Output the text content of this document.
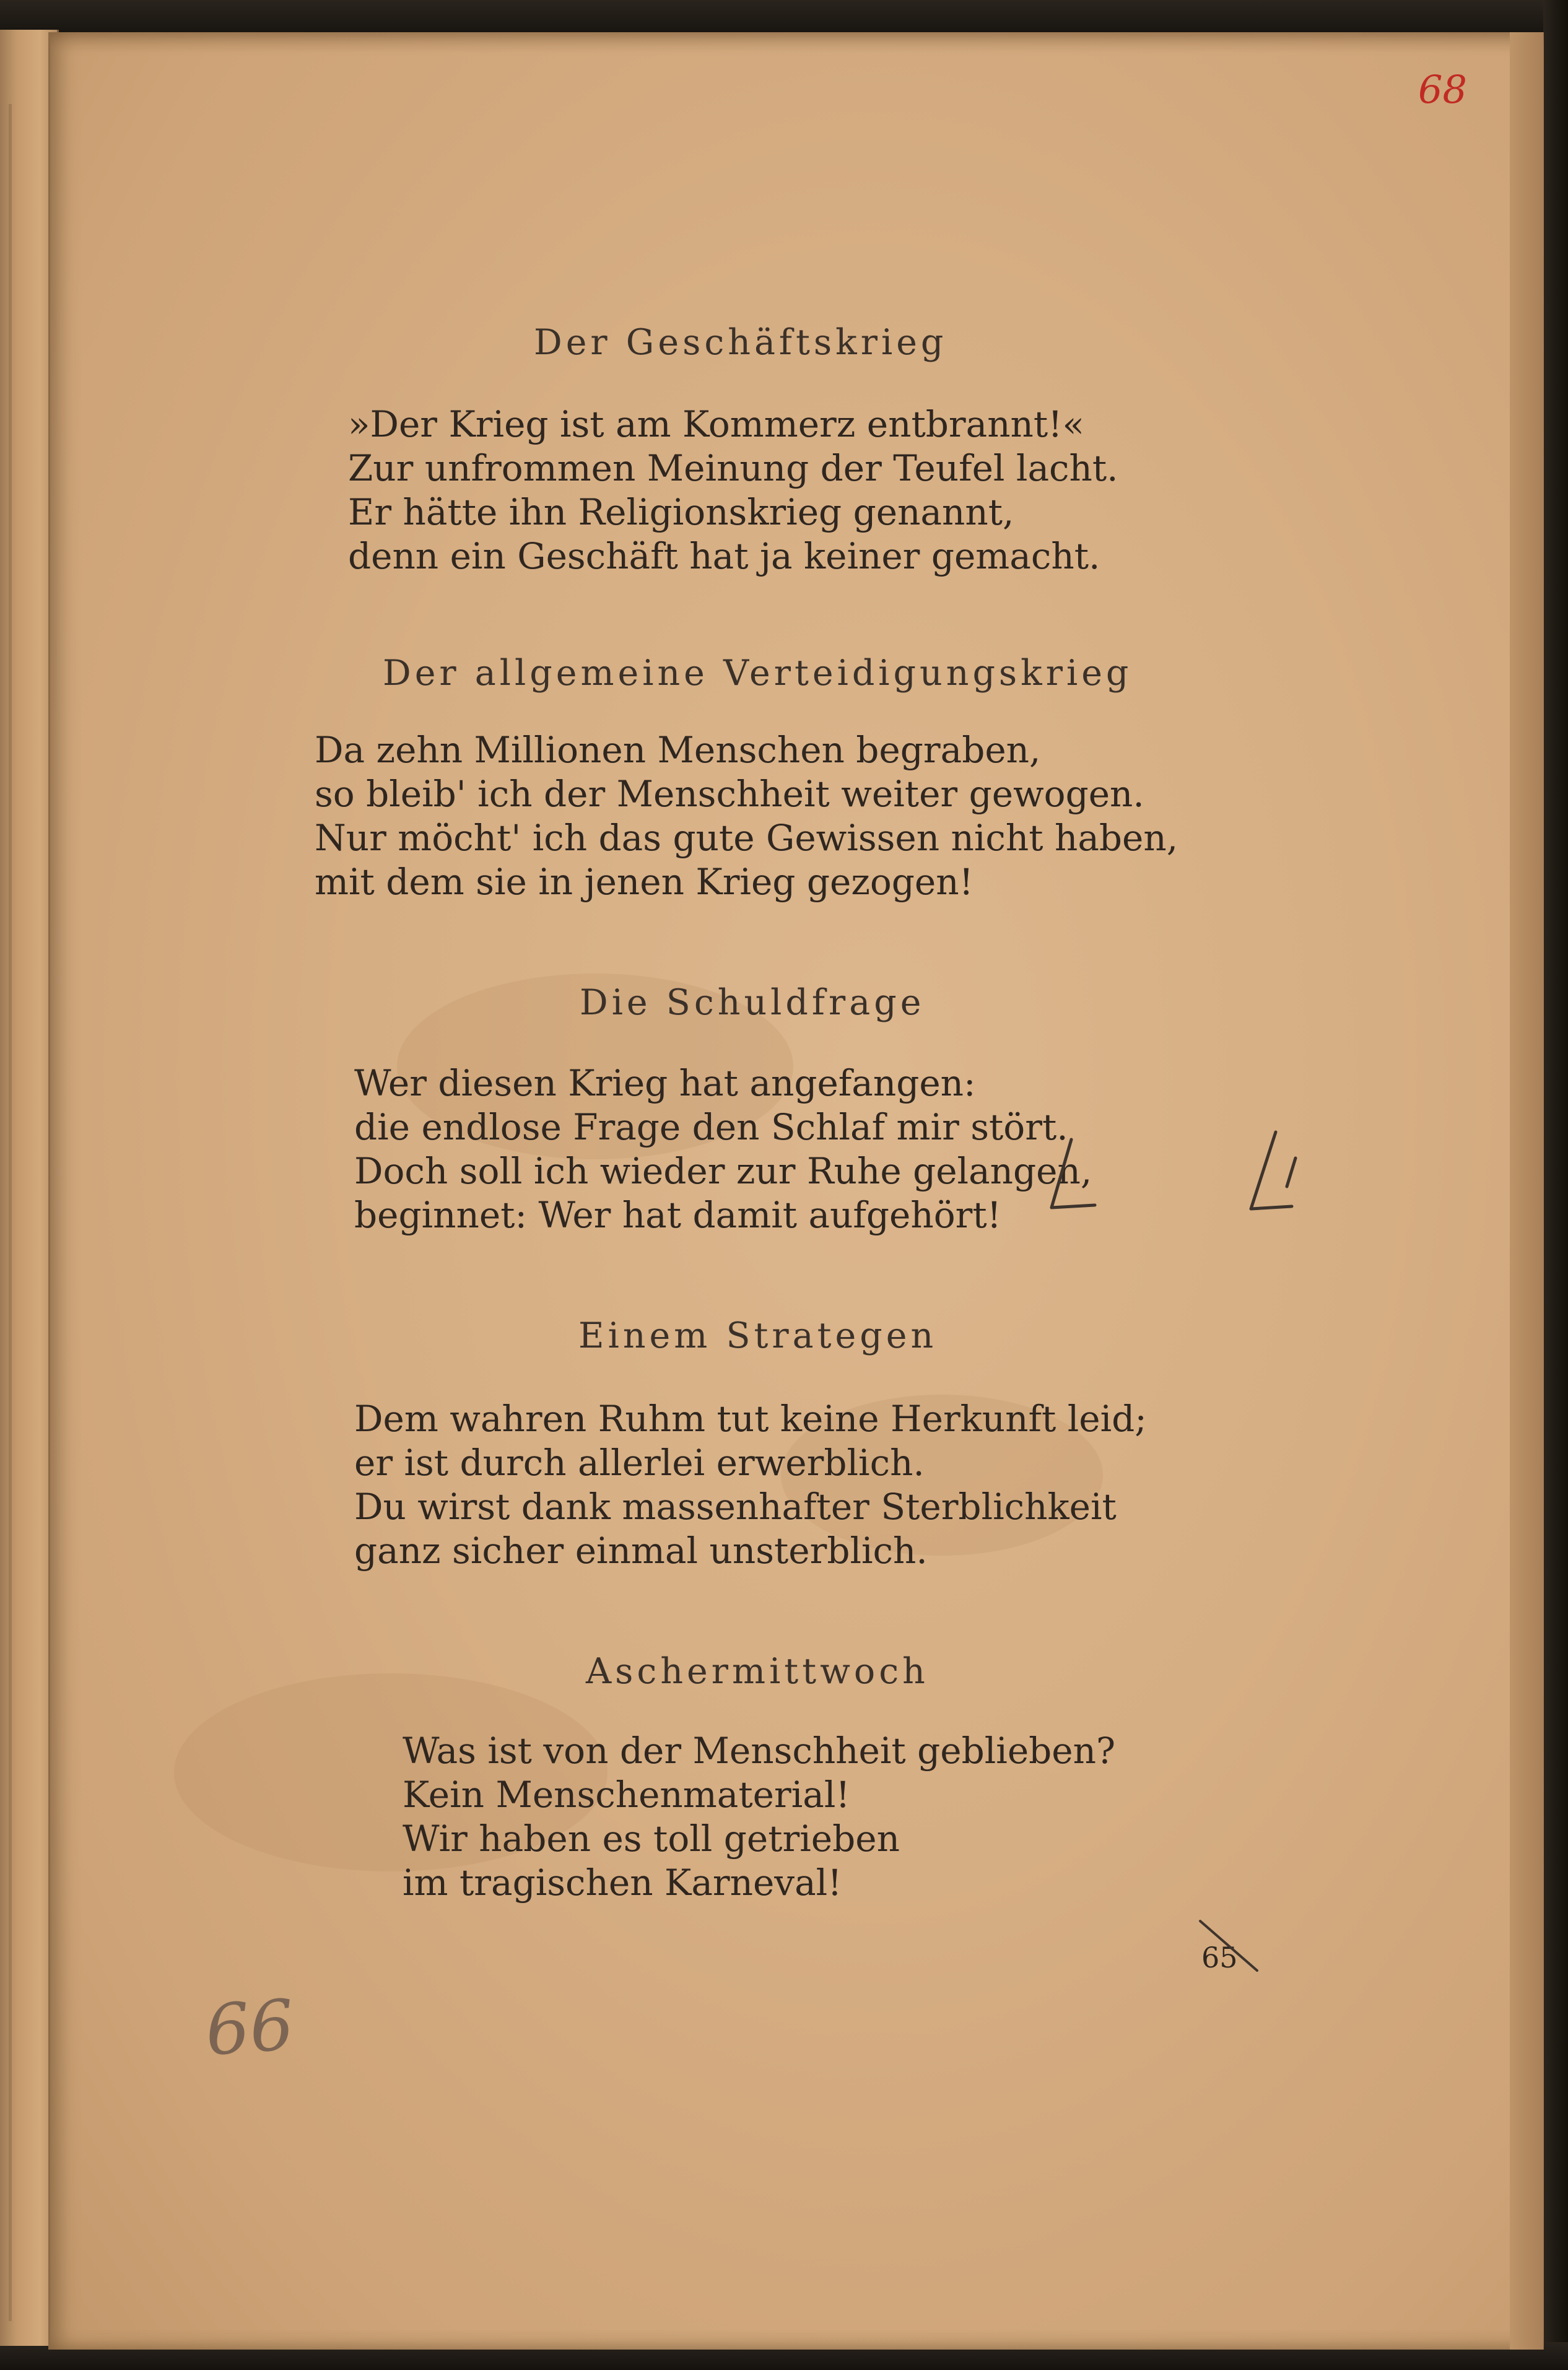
68
Der Geschäftskrieg
»Der Krieg ist am Kommerz entbrannt!«
Zur unfrommen Meinung der Teufel lacht.
Er hätte ihn Religionskrieg genannt,
denn ein Geschäft hat ja keiner gemacht.
Der allgemeine Verteidigungskrieg
Da zehn Millionen Menschen begraben,
so bleib' ich der Menschheit weiter gewogen.
Nur möcht' ich das gute Gewissen nicht haben,
mit dem sie in jenen Krieg gezogen!
Die Schuldfrage
Wer diesen Krieg hat angefangen:
die endlose Frage den Schlaf mir stört.
Doch soll ich wieder zur Ruhe gelangen,
beginnet: Wer hat damit aufgehört!
Einem Strategen
Dem wahren Ruhm tut keine Herkunft leid;
er ist durch allerlei erwerblich.
Du wirst dank massenhafter Sterblichkeit
ganz sicher einmal unsterblich.
Aschermittwoch
Was ist von der Menschheit geblieben?
Kein Menschenmaterial!
Wir haben es toll getrieben
im tragischen Karneval!
65
66
